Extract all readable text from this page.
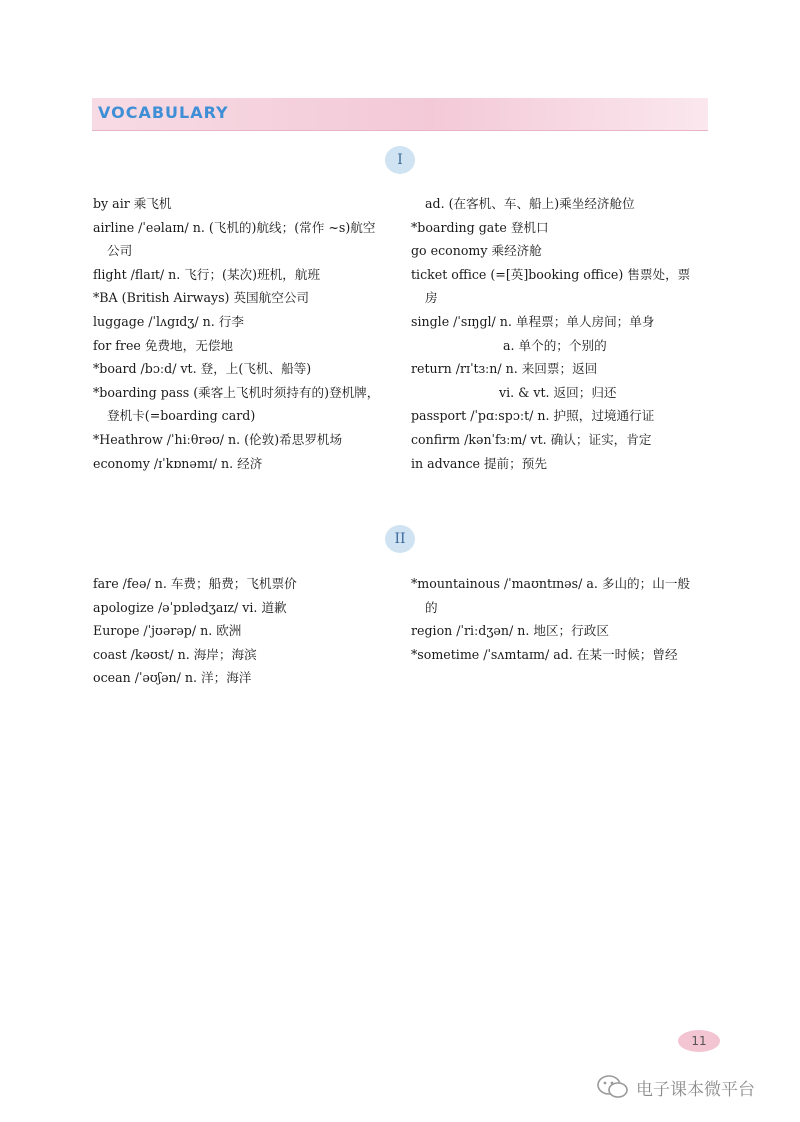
VOCABULARY
I
by air 乘飞机
airline /ˈeəlaɪn/ n. (飞机的)航线；(常作 ~s)航空
公司
flight /flaɪt/ n. 飞行；(某次)班机，航班
*BA (British Airways) 英国航空公司
luggage /ˈlʌgɪdʒ/ n. 行李
for free 免费地，无偿地
*board /bɔːd/ vt. 登，上(飞机、船等)
*boarding pass (乘客上飞机时须持有的)登机牌，
登机卡(=boarding card)
*Heathrow /ˈhiːθrəʊ/ n. (伦敦)希思罗机场
economy /ɪˈkɒnəmɪ/ n. 经济
ad. (在客机、车、船上)乘坐经济舱位
*boarding gate 登机口
go economy 乘经济舱
ticket office (=[英]booking office) 售票处，票
房
single /ˈsɪŋgl/ n. 单程票；单人房间；单身
a. 单个的；个别的
return /rɪˈtɜːn/ n. 来回票；返回
vi. & vt. 返回；归还
passport /ˈpɑːspɔːt/ n. 护照，过境通行证
confirm /kənˈfɜːm/ vt. 确认；证实，肯定
in advance 提前；预先
II
fare /feə/ n. 车费；船费；飞机票价
apologize /əˈpɒlədʒaɪz/ vi. 道歉
Europe /ˈjʊərəp/ n. 欧洲
coast /kəʊst/ n. 海岸；海滨
ocean /ˈəʊʃən/ n. 洋；海洋
*mountainous /ˈmaʊntɪnəs/ a. 多山的；山一般
的
region /ˈriːdʒən/ n. 地区；行政区
*sometime /ˈsʌmtaɪm/ ad. 在某一时候；曾经
11
电子课本微平台
